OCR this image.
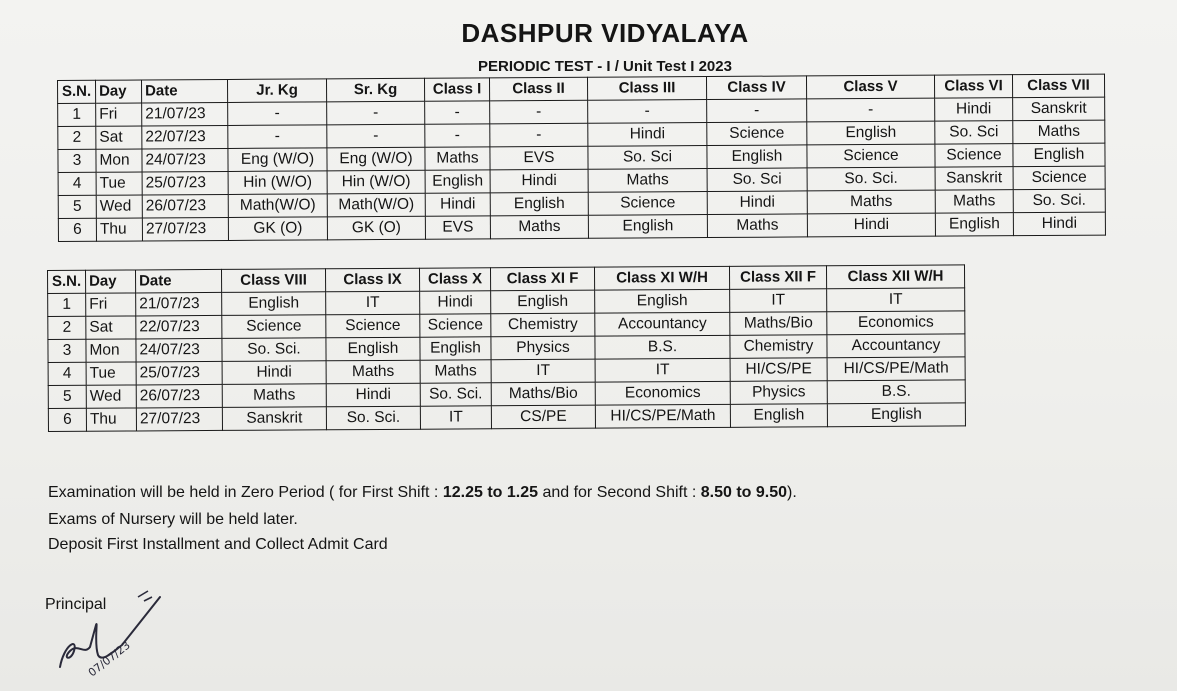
DASHPUR VIDYALAYA
PERIODIC TEST - I / Unit Test I 2023
S.N.	Day	Date	Jr. Kg	Sr. Kg	Class I	Class II	Class III	Class IV	Class V	Class VI	Class VII
1	Fri	21/07/23	-	-	-	-	-	-	-	Hindi	Sanskrit
2	Sat	22/07/23	-	-	-	-	Hindi	Science	English	So. Sci	Maths
3	Mon	24/07/23	Eng (W/O)	Eng (W/O)	Maths	EVS	So. Sci	English	Science	Science	English
4	Tue	25/07/23	Hin (W/O)	Hin (W/O)	English	Hindi	Maths	So. Sci	So. Sci.	Sanskrit	Science
5	Wed	26/07/23	Math(W/O)	Math(W/O)	Hindi	English	Science	Hindi	Maths	Maths	So. Sci.
6	Thu	27/07/23	GK (O)	GK (O)	EVS	Maths	English	Maths	Hindi	English	Hindi
S.N.	Day	Date	Class VIII	Class IX	Class X	Class XI F	Class XI W/H	Class XII F	Class XII W/H
1	Fri	21/07/23	English	IT	Hindi	English	English	IT	IT
2	Sat	22/07/23	Science	Science	Science	Chemistry	Accountancy	Maths/Bio	Economics
3	Mon	24/07/23	So. Sci.	English	English	Physics	B.S.	Chemistry	Accountancy
4	Tue	25/07/23	Hindi	Maths	Maths	IT	IT	HI/CS/PE	HI/CS/PE/Math
5	Wed	26/07/23	Maths	Hindi	So. Sci.	Maths/Bio	Economics	Physics	B.S.
6	Thu	27/07/23	Sanskrit	So. Sci.	IT	CS/PE	HI/CS/PE/Math	English	English
Examination will be held in Zero Period ( for First Shift : 12.25 to 1.25 and for Second Shift : 8.50 to 9.50).
Exams of Nursery will be held later.
Deposit First Installment and Collect Admit Card
Principal
07/07/23
